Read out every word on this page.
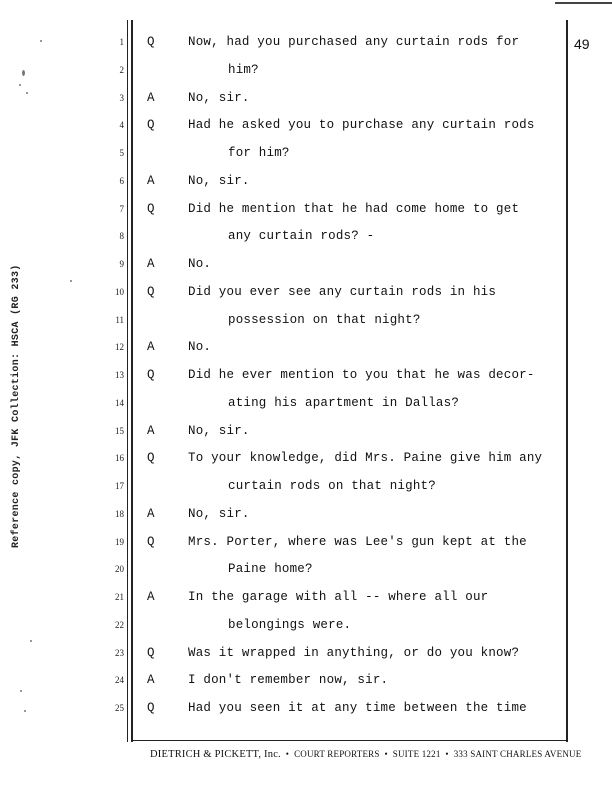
49
Reference copy, JFK Collection: HSCA (RG 233)
1 Q	Now, had you purchased any curtain rods for
2	him?
3 A	No, sir.
4 Q	Had he asked you to purchase any curtain rods
5	for him?
6 A	No, sir.
7 Q	Did he mention that he had come home to get
8	any curtain rods? -
9 A	No.
10 Q	Did you ever see any curtain rods in his
11	possession on that night?
12 A	No.
13 Q	Did he ever mention to you that he was decor-
14	ating his apartment in Dallas?
15 A	No, sir.
16 Q	To your knowledge, did Mrs. Paine give him any
17	curtain rods on that night?
18 A	No, sir.
19 Q	Mrs. Porter, where was Lee's gun kept at the
20	Paine home?
21 A	In the garage with all -- where all our
22	belongings were.
23 Q	Was it wrapped in anything, or do you know?
24 A	I don't remember now, sir.
25 Q	Had you seen it at any time between the time
DIETRICH & PICKETT, Inc. • COURT REPORTERS • SUITE 1221 • 333 SAINT CHARLES AVENUE
